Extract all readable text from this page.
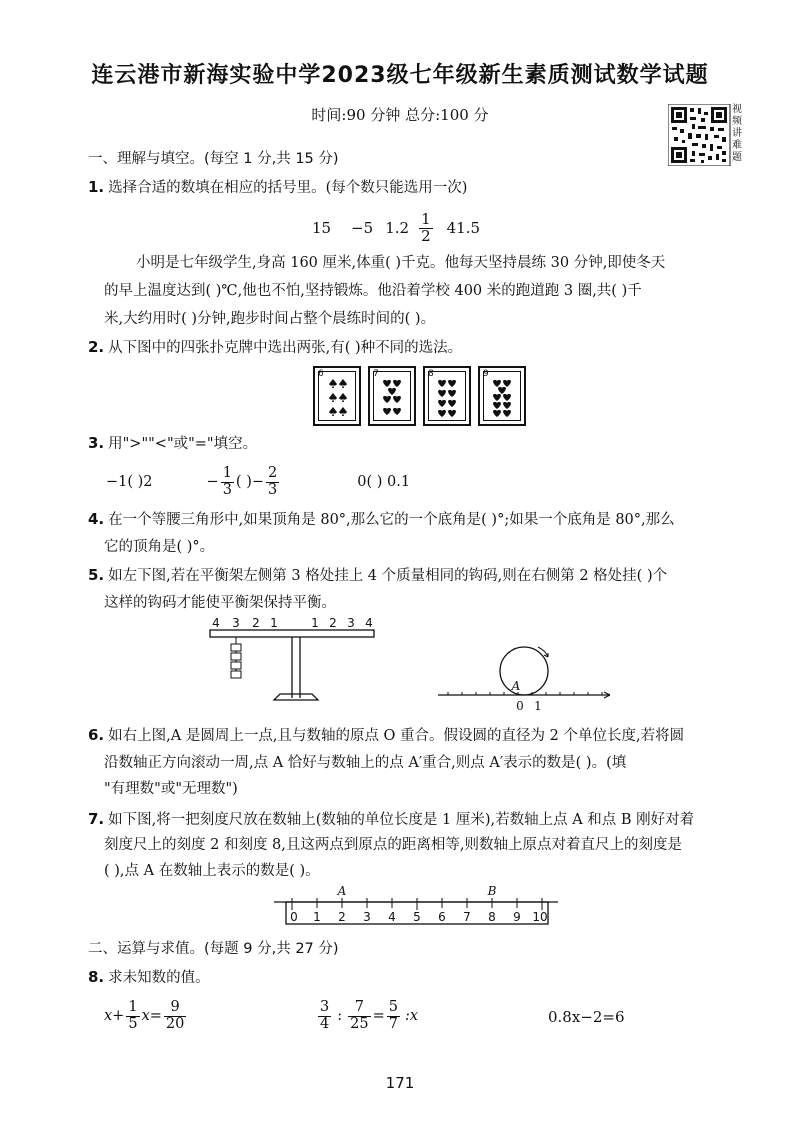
连云港市新海实验中学2023级七年级新生素质测试数学试题
时间:90 分钟 总分:100 分	视频讲难题
一、理解与填空。(每空 1 分,共 15 分)
1. 选择合适的数填在相应的括号里。(每个数只能选用一次)
15 −5 $1.2 \frac{1}{2} 41.5$
小明是七年级学生,身高 160 厘米,体重( )千克。他每天坚持晨练 30 分钟,即使冬天
的早上温度达到( )℃,他也不怕,坚持锻炼。他沿着学校 400 米的跑道跑 3 圈,共( )千
米,大约用时( )分钟,跑步时间占整个晨练时间的( )。
2. 从下图中的四张扑克牌中选出两张,有( )种不同的选法。
6	7	8	9
3. 用">""<"或"="填空。
−1( )2	− $\frac{1}{3}$ ( )− $\frac{2}{3}$	0( ) 0.1
4. 在一个等腰三角形中,如果顶角是 80°,那么它的一个底角是( )°;如果一个底角是 80°,那么
它的顶角是( )°。
5. 如左下图,若在平衡架左侧第 3 格处挂上 4 个质量相同的钩码,则在右侧第 2 格处挂( )个
这样的钩码才能使平衡架保持平衡。
4 3 2 1	1 2 3 4
A
0 1
6. 如右上图,A 是圆周上一点,且与数轴的原点 O 重合。假设圆的直径为 2 个单位长度,若将圆
沿数轴正方向滚动一周,点 A 恰好与数轴上的点 A′重合,则点 A′表示的数是( )。(填
"有理数"或"无理数")
7. 如下图,将一把刻度尺放在数轴上(数轴的单位长度是 1 厘米),若数轴上点 A 和点 B 刚好对着
刻度尺上的刻度 2 和刻度 8,且这两点到原点的距离相等,则数轴上原点对着直尺上的刻度是
( ),点 A 在数轴上表示的数是( )。
A	B
0 1 2 3 4 5 6 7 8 9 10
二、运算与求值。(每题 9 分,共 27 分)
8. 求未知数的值。
$x+ \frac{1}{5} x= \frac{9}{20}$	$\frac{3}{4}$ : $\frac{7}{25} = \frac{5}{7}$ :x	0.8x−2=6
171
